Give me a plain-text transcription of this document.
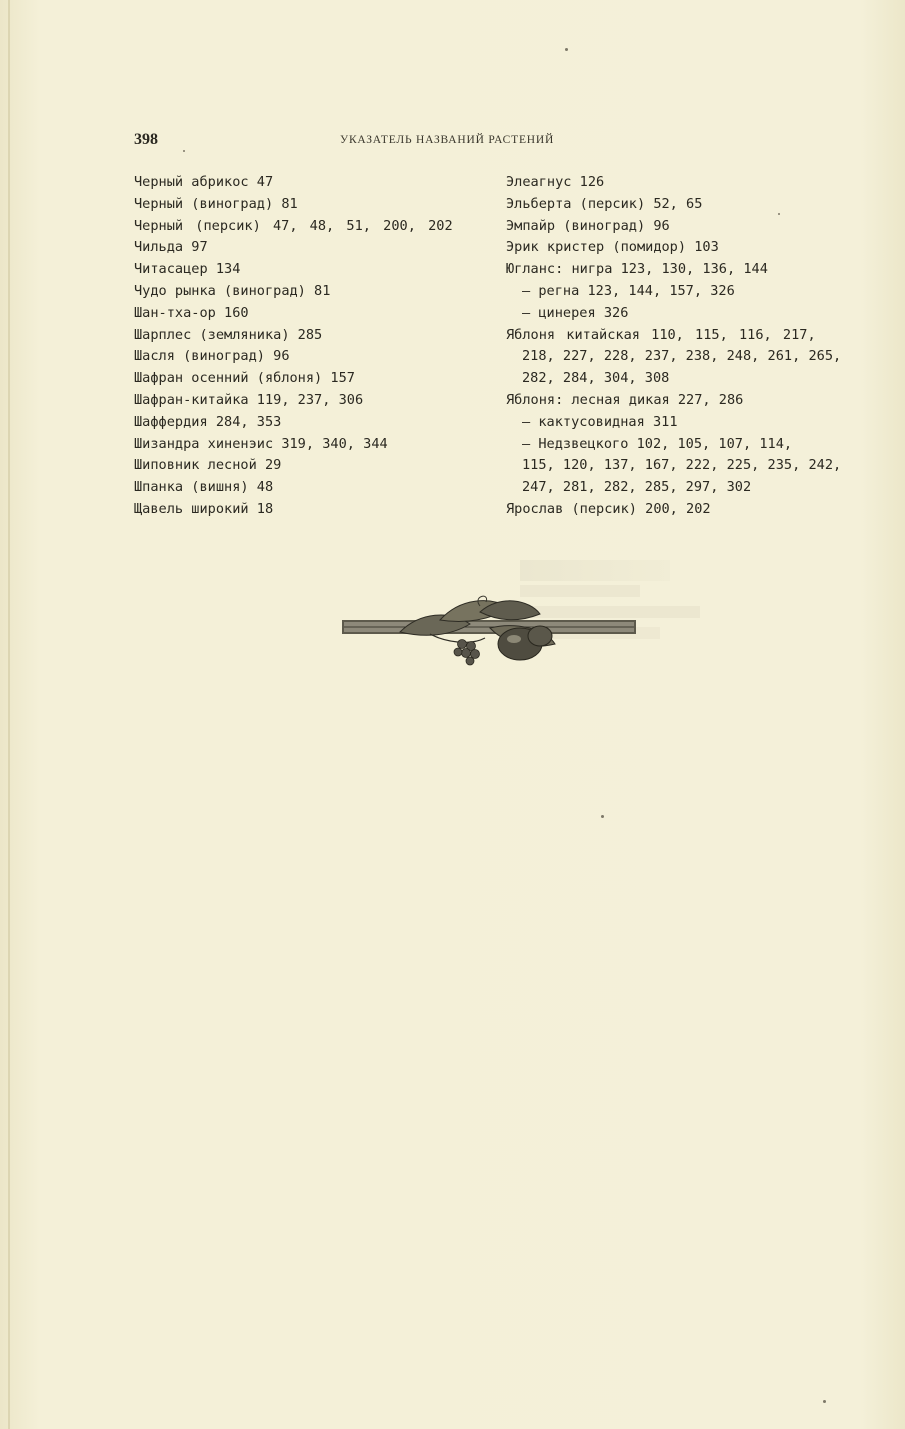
398	УКАЗАТЕЛЬ НАЗВАНИЙ РАСТЕНИЙ
Черный абрикос 47
Черный (виноград) 81
Черный (персик) 47, 48, 51, 200, 202
Чильда 97
Читасацер 134
Чудо рынка (виноград) 81
Шан-тха-ор 160
Шарплес (земляника) 285
Шасля (виноград) 96
Шафран осенний (яблоня) 157
Шафран-китайка 119, 237, 306
Шаффердия 284, 353
Шизандра хиненэис 319, 340, 344
Шиповник лесной 29
Шпанка (вишня) 48
Щавель широкий 18
Элеагнус 126
Эльберта (персик) 52, 65
Эмпайр (виноград) 96
Эрик кристер (помидор) 103
Югланс: нигра 123, 130, 136, 144
— регна 123, 144, 157, 326
— цинерея 326
Яблоня китайская 110, 115, 116, 217,
218, 227, 228, 237, 238, 248, 261, 265,
282, 284, 304, 308
Яблоня: лесная дикая 227, 286
— кактусовидная 311
— Недзвецкого 102, 105, 107, 114,
115, 120, 137, 167, 222, 225, 235, 242,
247, 281, 282, 285, 297, 302
Ярослав (персик) 200, 202
